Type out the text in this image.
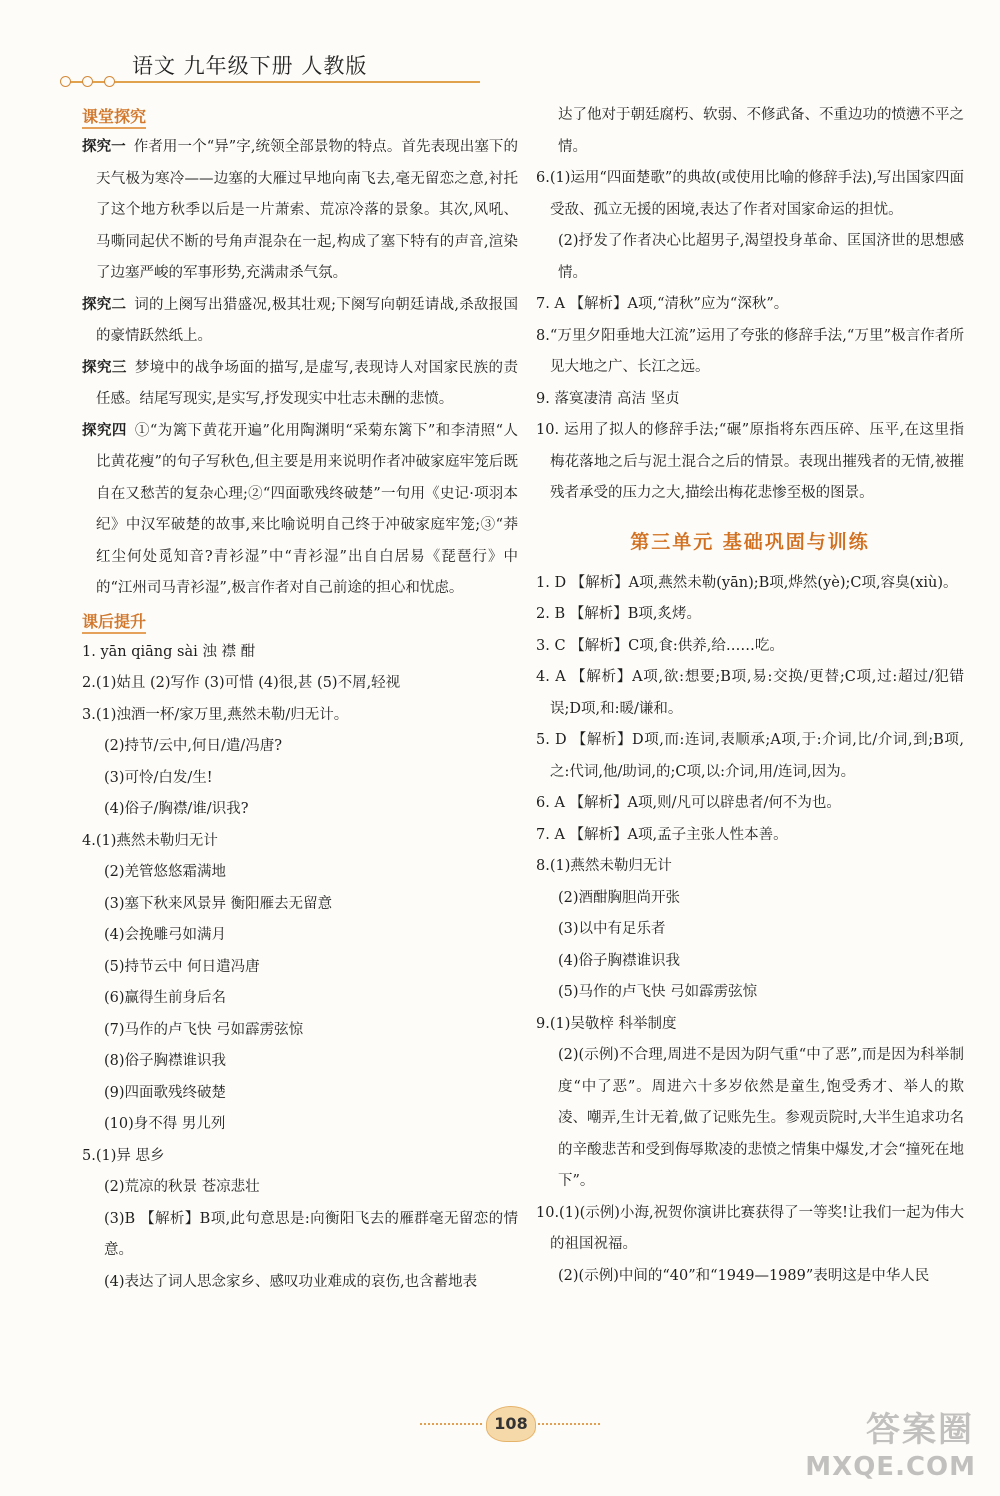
语文 九年级下册 人教版
课堂探究

探究一 作者用一个“异”字,统领全部景物的特点。首先表现出塞下的天气极为寒冷——边塞的大雁过早地向南飞去,毫无留恋之意,衬托了这个地方秋季以后是一片萧索、荒凉冷落的景象。其次,风吼、马嘶同起伏不断的号角声混杂在一起,构成了塞下特有的声音,渲染了边塞严峻的军事形势,充满肃杀气氛。

探究二 词的上阕写出猎盛况,极其壮观;下阕写向朝廷请战,杀敌报国的豪情跃然纸上。

探究三 梦境中的战争场面的描写,是虚写,表现诗人对国家民族的责任感。结尾写现实,是实写,抒发现实中壮志未酬的悲愤。

探究四 ①“为篱下黄花开遍”化用陶渊明“采菊东篱下”和李清照“人比黄花瘦”的句子写秋色,但主要是用来说明作者冲破家庭牢笼后既自在又愁苦的复杂心理;②“四面歌残终破楚”一句用《史记·项羽本纪》中汉军破楚的故事,来比喻说明自己终于冲破家庭牢笼;③“莽红尘何处觅知音?青衫湿”中“青衫湿”出自白居易《琵琶行》中的“江州司马青衫湿”,极言作者对自己前途的担心和忧虑。

课后提升

1. yān qiāng sài 浊 襟 酣

2.(1)姑且 (2)写作 (3)可惜 (4)很,甚 (5)不屑,轻视

3.(1)浊酒一杯/家万里,燕然未勒/归无计。

(2)持节/云中,何日/遣/冯唐?

(3)可怜/白发/生!

(4)俗子/胸襟/谁/识我?

4.(1)燕然未勒归无计

(2)羌管悠悠霜满地

(3)塞下秋来风景异 衡阳雁去无留意

(4)会挽雕弓如满月

(5)持节云中 何日遣冯唐

(6)赢得生前身后名

(7)马作的卢飞快 弓如霹雳弦惊

(8)俗子胸襟谁识我

(9)四面歌残终破楚

(10)身不得 男儿列

5.(1)异 思乡

(2)荒凉的秋景 苍凉悲壮

(3)B 【解析】B项,此句意思是:向衡阳飞去的雁群毫无留恋的情意。

(4)表达了词人思念家乡、感叹功业难成的哀伤,也含蓄地表

达了他对于朝廷腐朽、软弱、不修武备、不重边功的愤懑不平之情。

6.(1)运用“四面楚歌”的典故(或使用比喻的修辞手法),写出国家四面受敌、孤立无援的困境,表达了作者对国家命运的担忧。

(2)抒发了作者决心比超男子,渴望投身革命、匡国济世的思想感情。

7. A 【解析】A项,“清秋”应为“深秋”。

8.“万里夕阳垂地大江流”运用了夸张的修辞手法,“万里”极言作者所见大地之广、长江之远。

9. 落寞凄清 高洁 坚贞

10. 运用了拟人的修辞手法;“碾”原指将东西压碎、压平,在这里指梅花落地之后与泥土混合之后的情景。表现出摧残者的无情,被摧残者承受的压力之大,描绘出梅花悲惨至极的图景。

第三单元 基础巩固与训练

1. D 【解析】A项,燕然未勒(yān);B项,烨然(yè);C项,容臭(xiù)。

2. B 【解析】B项,炙烤。

3. C 【解析】C项,食:供养,给……吃。

4. A 【解析】A项,欲:想要;B项,易:交换/更替;C项,过:超过/犯错误;D项,和:暖/谦和。

5. D 【解析】D项,而:连词,表顺承;A项,于:介词,比/介词,到;B项,之:代词,他/助词,的;C项,以:介词,用/连词,因为。

6. A 【解析】A项,则/凡可以辟患者/何不为也。

7. A 【解析】A项,孟子主张人性本善。

8.(1)燕然未勒归无计

(2)酒酣胸胆尚开张

(3)以中有足乐者

(4)俗子胸襟谁识我

(5)马作的卢飞快 弓如霹雳弦惊

9.(1)吴敬梓 科举制度

(2)(示例)不合理,周进不是因为阴气重“中了恶”,而是因为科举制度“中了恶”。周进六十多岁依然是童生,饱受秀才、举人的欺凌、嘲弄,生计无着,做了记账先生。参观贡院时,大半生追求功名的辛酸悲苦和受到侮辱欺凌的悲愤之情集中爆发,才会“撞死在地下”。

10.(1)(示例)小海,祝贺你演讲比赛获得了一等奖!让我们一起为伟大的祖国祝福。

(2)(示例)中间的“40”和“1949—1989”表明这是中华人民

108	答案圈
MXQE.COM
